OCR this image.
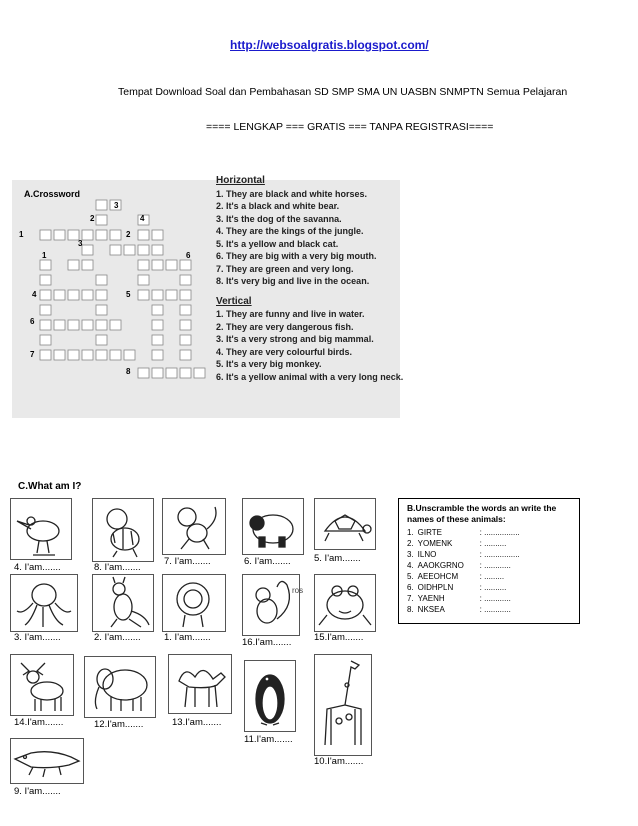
http://websoalgratis.blogspot.com/
Tempat Download Soal dan Pembahasan SD SMP SMA UN UASBN SNMPTN Semua Pelajaran
==== LENGKAP === GRATIS === TANPA REGISTRASI====
A.Crossword
3
2	4
1	2
3
1	6
4	5
6
7
8
Horizontal
1. They are black and white horses.
2. It's a black and white bear.
3. It's the dog of the savanna.
4. They are the kings of the jungle.
5. It's a yellow and black cat.
6. They are big with a very big mouth.
7. They are green and very long.
8. It's very big and live in the ocean.
Vertical
1. They are funny and live in water.
2. They are very dangerous fish.
3. It's a very strong and big mammal.
4. They are very colourful birds.
5. It's a very big monkey.
6. It's a yellow animal with a very long neck.
C.What am I?
4. I'am.......	8. I'am.......
7. I'am.......	6. I'am....... 5. I'am.......
ros
3. I'am.......	2. I'am....... 1. I'am.......	16.I'am....... 15.I'am.......
14.I'am.......	12.I'am.......	13.I'am.......
11.I'am.......
10.I'am.......
9. I'am.......
B.Unscramble the words an write the names of these animals:
1.	GIRTE	: ................
2.	YOMENK	: ..........
3.	ILNO	: ................
4.	AAOKGRNO	: ............
5.	AEEOHCM	: .........
6.	OIDHPLN	: ..........
7.	YAENH	: ............
8.	NKSEA	: ............
